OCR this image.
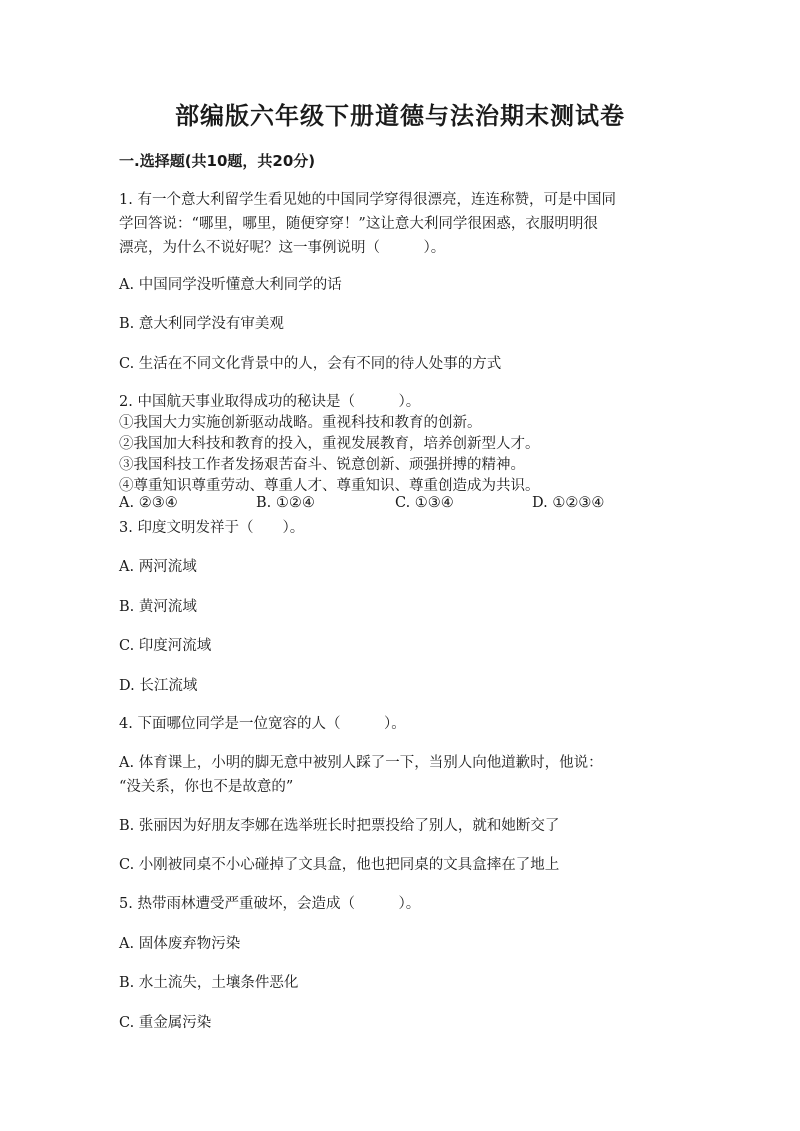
部编版六年级下册道德与法治期末测试卷
一.选择题(共10题，共20分)

1. 有一个意大利留学生看见她的中国同学穿得很漂亮，连连称赞，可是中国同

学回答说：“哪里，哪里，随便穿穿！”这让意大利同学很困惑，衣服明明很

漂亮，为什么不说好呢？这一事例说明（　　　）。

A. 中国同学没听懂意大利同学的话

B. 意大利同学没有审美观

C. 生活在不同文化背景中的人，会有不同的待人处事的方式

2. 中国航天事业取得成功的秘诀是（　　　）。

①我国大力实施创新驱动战略。重视科技和教育的创新。

②我国加大科技和教育的投入，重视发展教育，培养创新型人才。

③我国科技工作者发扬艰苦奋斗、锐意创新、顽强拼搏的精神。

④尊重知识尊重劳动、尊重人才、尊重知识、尊重创造成为共识。

A. ②③④	B. ①②④	C. ①③④	D. ①②③④

3. 印度文明发祥于（　　）。

A. 两河流域

B. 黄河流域

C. 印度河流域

D. 长江流域

4. 下面哪位同学是一位宽容的人（　　　）。

A. 体育课上，小明的脚无意中被别人踩了一下，当别人向他道歉时，他说：

“没关系，你也不是故意的”

B. 张丽因为好朋友李娜在选举班长时把票投给了别人，就和她断交了

C. 小刚被同桌不小心碰掉了文具盒，他也把同桌的文具盒摔在了地上

5. 热带雨林遭受严重破坏，会造成（　　　）。

A. 固体废弃物污染

B. 水土流失，土壤条件恶化

C. 重金属污染
